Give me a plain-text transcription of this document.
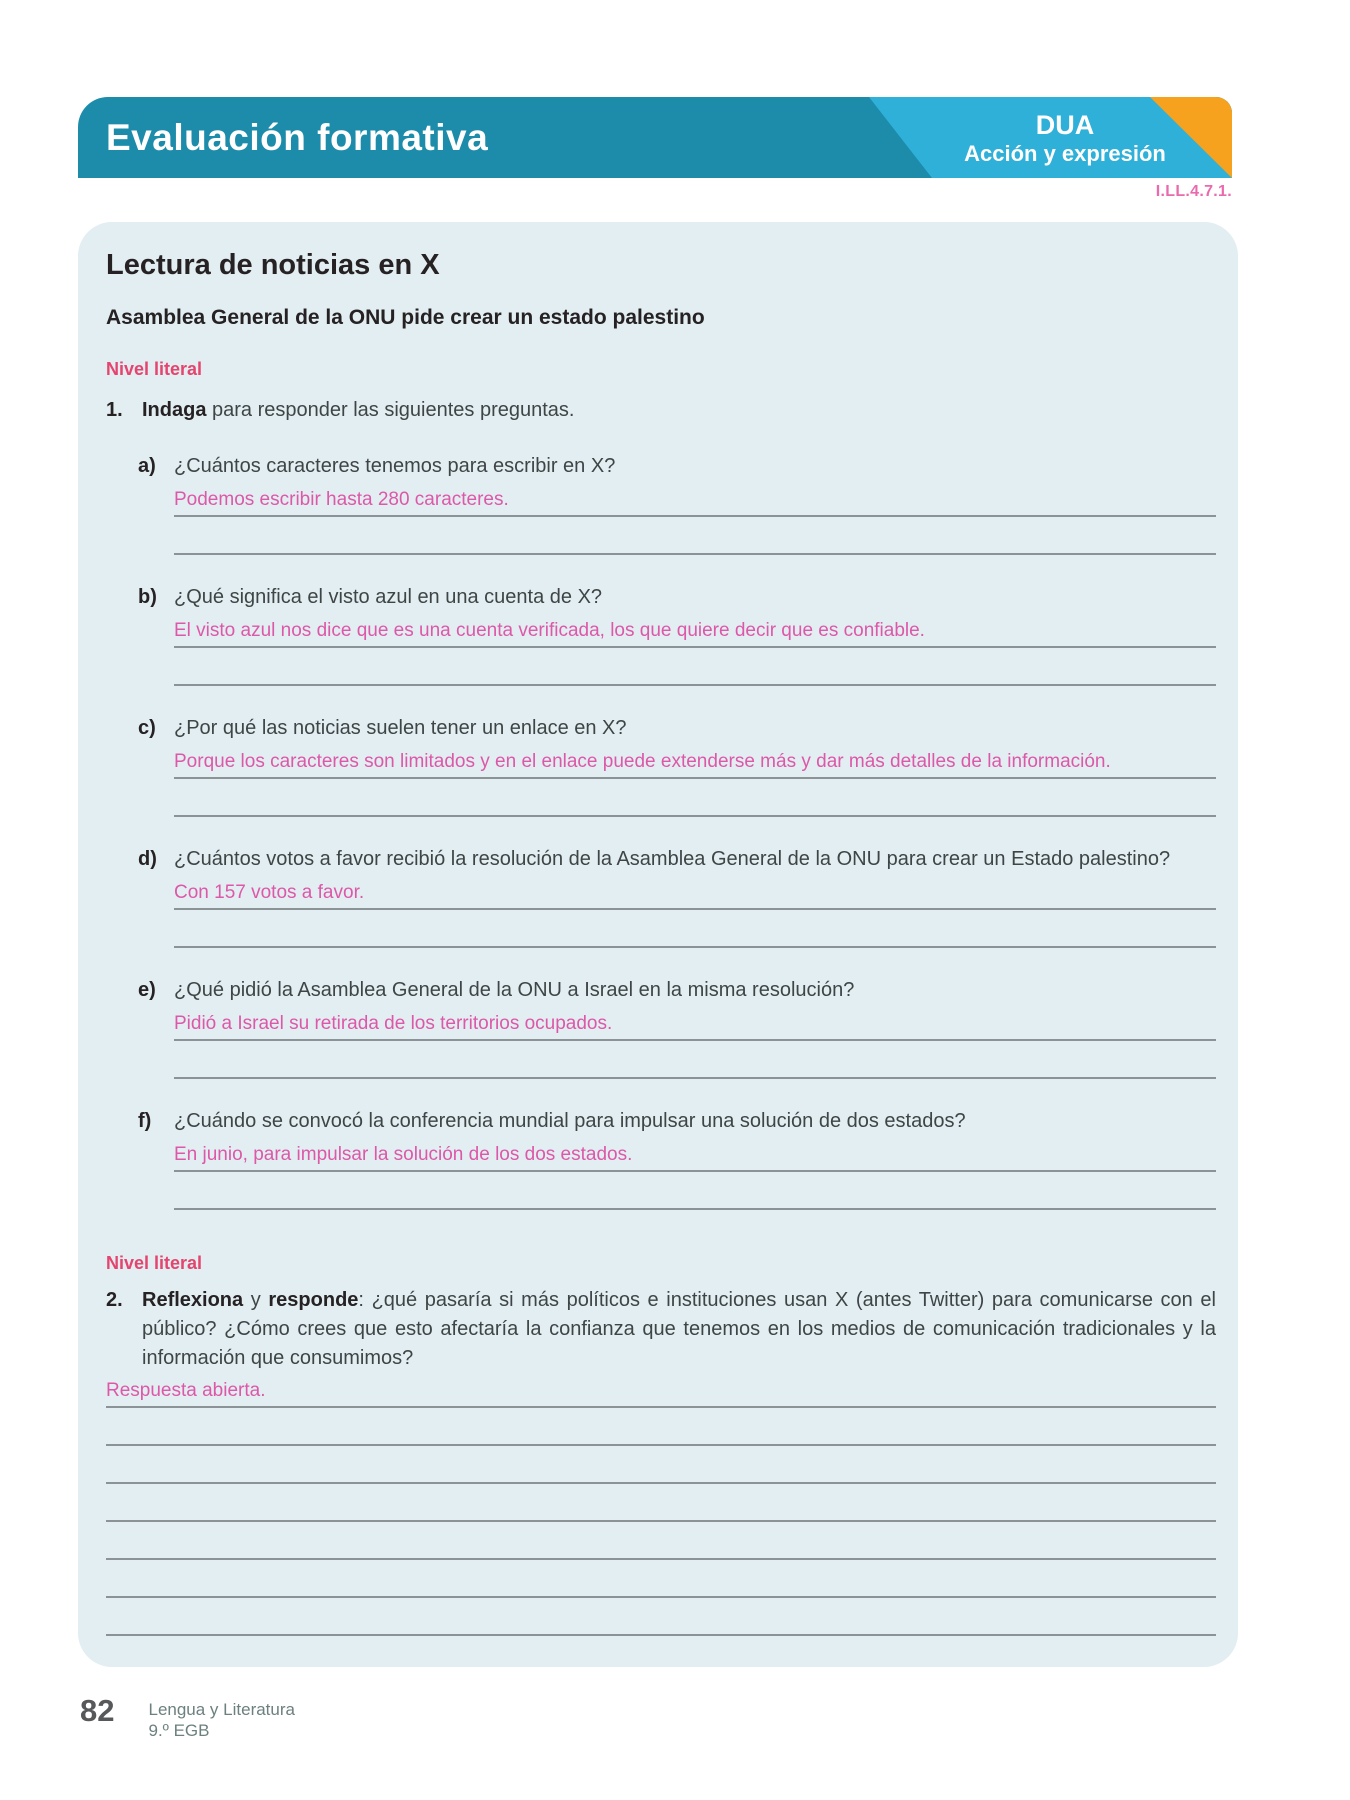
Evaluación formativa	DUA
Acción y expresión
I.LL.4.7.1.
Lectura de noticias en X
Asamblea General de la ONU pide crear un estado palestino
Nivel literal
1. Indaga para responder las siguientes preguntas.
a) ¿Cuántos caracteres tenemos para escribir en X?
Podemos escribir hasta 280 caracteres.
b) ¿Qué significa el visto azul en una cuenta de X?
El visto azul nos dice que es una cuenta verificada, los que quiere decir que es confiable.
c) ¿Por qué las noticias suelen tener un enlace en X?
Porque los caracteres son limitados y en el enlace puede extenderse más y dar más detalles de la información.
d) ¿Cuántos votos a favor recibió la resolución de la Asamblea General de la ONU para crear un Estado palestino?
Con 157 votos a favor.
e) ¿Qué pidió la Asamblea General de la ONU a Israel en la misma resolución?
Pidió a Israel su retirada de los territorios ocupados.
f)	¿Cuándo se convocó la conferencia mundial para impulsar una solución de dos estados?
En junio, para impulsar la solución de los dos estados.
Nivel literal
2. Reflexiona y responde: ¿qué pasaría si más políticos e instituciones usan X (antes Twitter) para comunicarse con el público? ¿Cómo crees que esto afectaría la confianza que tenemos en los medios de comunicación tradicionales y la información que consumimos?
Respuesta abierta.
82 Lengua y Literatura
9.º EGB
